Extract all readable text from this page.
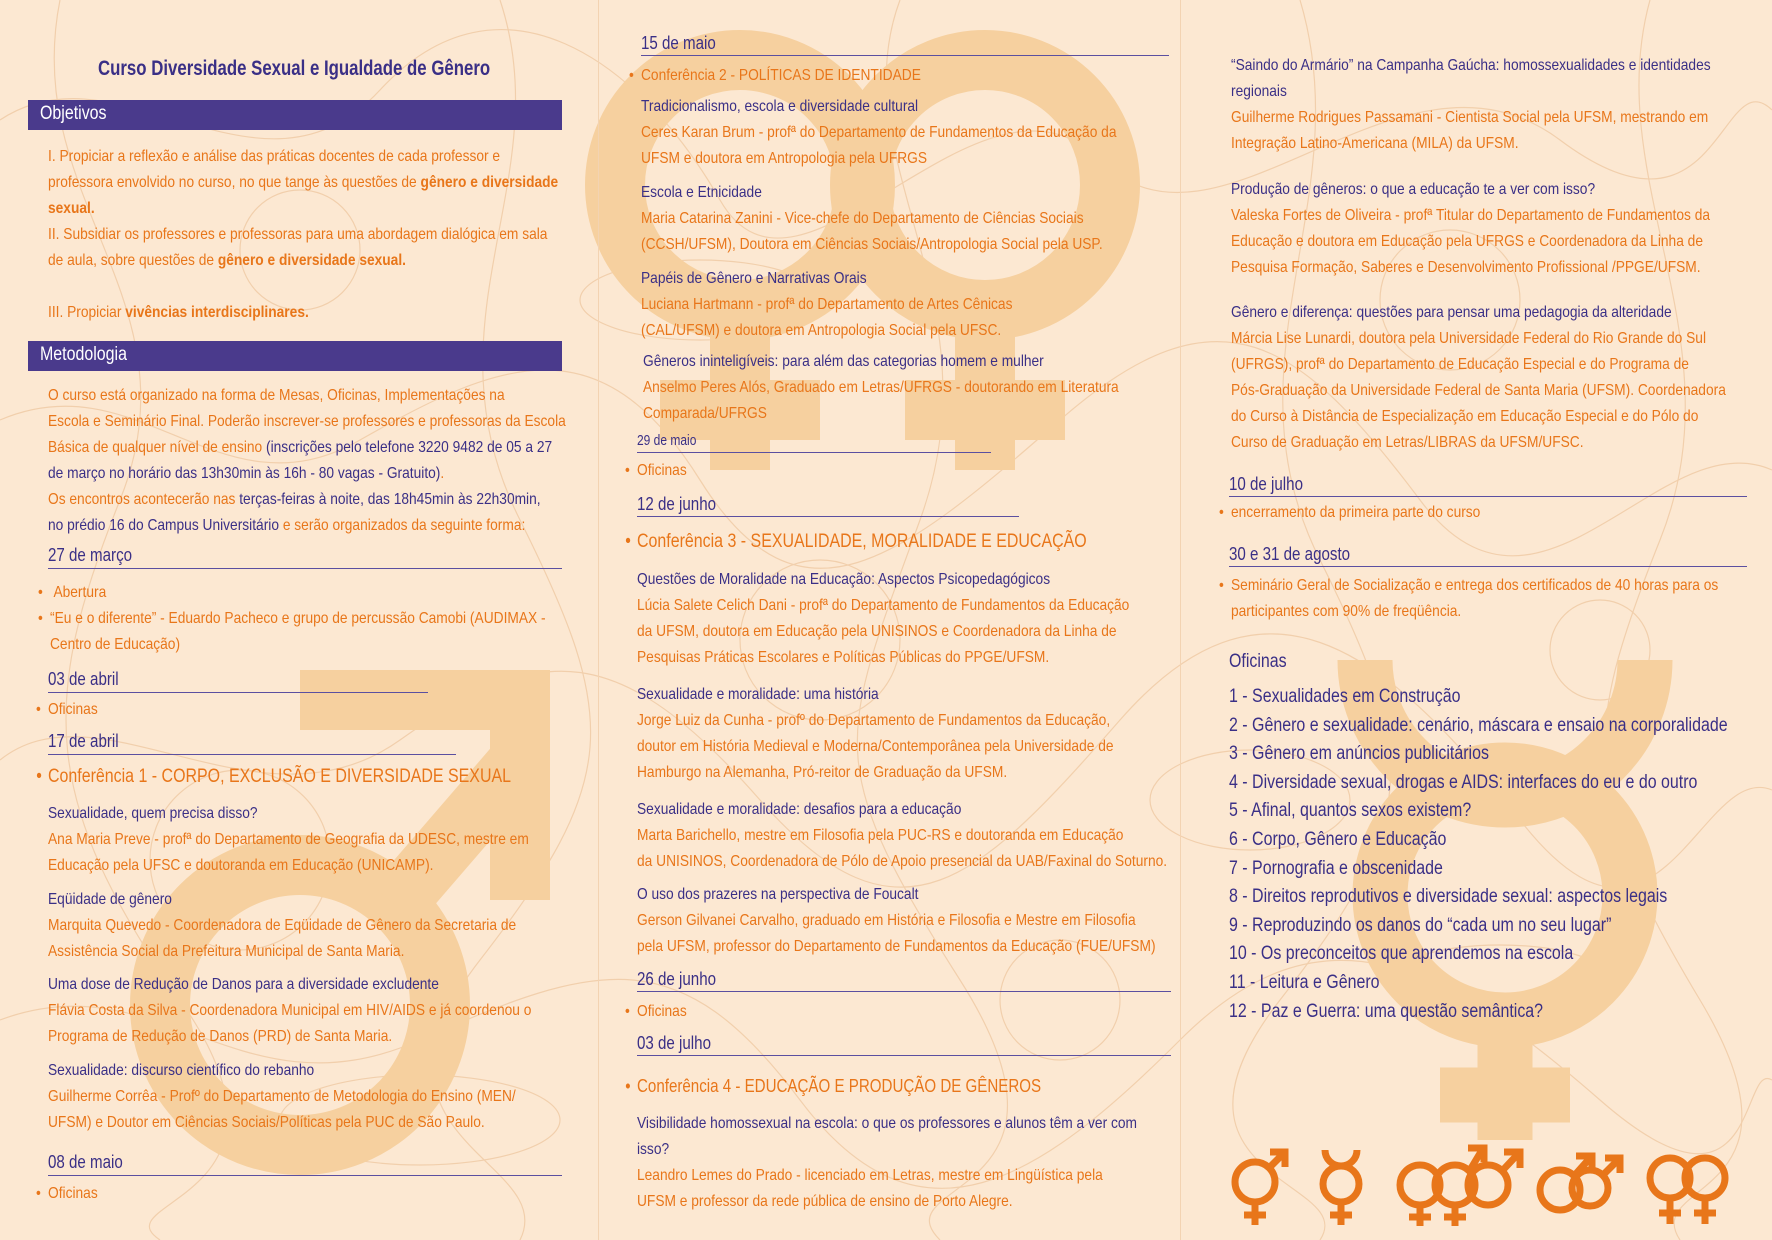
Curso Diversidade Sexual e Igualdade de Gênero
Objetivos
I. Propiciar a reflexão e análise das práticas docentes de cada professor e
professora envolvido no curso, no que tange às questões de gênero e diversidade
sexual.
II. Subsidiar os professores e professoras para uma abordagem dialógica em sala
de aula, sobre questões de gênero e diversidade sexual.
III. Propiciar vivências interdisciplinares.
Metodologia
O curso está organizado na forma de Mesas, Oficinas, Implementações na
Escola e Seminário Final. Poderão inscrever-se professores e professoras da Escola
Básica de qualquer nível de ensino (inscrições pelo telefone 3220 9482 de 05 a 27
de março no horário das 13h30min às 16h - 80 vagas - Gratuito).
Os encontros acontecerão nas terças-feiras à noite, das 18h45min às 22h30min,
no prédio 16 do Campus Universitário e serão organizados da seguinte forma:
27 de março
• Abertura
• “Eu e o diferente” - Eduardo Pacheco e grupo de percussão Camobi (AUDIMAX -
Centro de Educação)
03 de abril
• Oficinas
17 de abril
• Conferência 1 - CORPO, EXCLUSÃO E DIVERSIDADE SEXUAL
Sexualidade, quem precisa disso?
Ana Maria Preve - profª do Departamento de Geografia da UDESC, mestre em
Educação pela UFSC e doutoranda em Educação (UNICAMP).
Eqüidade de gênero
Marquita Quevedo - Coordenadora de Eqüidade de Gênero da Secretaria de
Assistência Social da Prefeitura Municipal de Santa Maria.
Uma dose de Redução de Danos para a diversidade excludente
Flávia Costa da Silva - Coordenadora Municipal em HIV/AIDS e já coordenou o
Programa de Redução de Danos (PRD) de Santa Maria.
Sexualidade: discurso científico do rebanho
Guilherme Corrêa - Profº do Departamento de Metodologia do Ensino (MEN/
UFSM) e Doutor em Ciências Sociais/Políticas pela PUC de São Paulo.
08 de maio
• Oficinas
15 de maio
• Conferência 2 - POLÍTICAS DE IDENTIDADE
Tradicionalismo, escola e diversidade cultural
Ceres Karan Brum - profª do Departamento de Fundamentos da Educação da
UFSM e doutora em Antropologia pela UFRGS
Escola e Etnicidade
Maria Catarina Zanini - Vice-chefe do Departamento de Ciências Sociais
(CCSH/UFSM), Doutora em Ciências Sociais/Antropologia Social pela USP.
Papéis de Gênero e Narrativas Orais
Luciana Hartmann - profª do Departamento de Artes Cênicas
(CAL/UFSM) e doutora em Antropologia Social pela UFSC.
Gêneros ininteligíveis: para além das categorias homem e mulher
Anselmo Peres Alós, Graduado em Letras/UFRGS - doutorando em Literatura
Comparada/UFRGS
29 de maio
• Oficinas
12 de junho
• Conferência 3 - SEXUALIDADE, MORALIDADE E EDUCAÇÃO
Questões de Moralidade na Educação: Aspectos Psicopedagógicos
Lúcia Salete Celich Dani - profª do Departamento de Fundamentos da Educação
da UFSM, doutora em Educação pela UNISINOS e Coordenadora da Linha de
Pesquisas Práticas Escolares e Políticas Públicas do PPGE/UFSM.
Sexualidade e moralidade: uma história
Jorge Luiz da Cunha - profº do Departamento de Fundamentos da Educação,
doutor em História Medieval e Moderna/Contemporânea pela Universidade de
Hamburgo na Alemanha, Pró-reitor de Graduação da UFSM.
Sexualidade e moralidade: desafios para a educação
Marta Barichello, mestre em Filosofia pela PUC-RS e doutoranda em Educação
da UNISINOS, Coordenadora de Pólo de Apoio presencial da UAB/Faxinal do Soturno.
O uso dos prazeres na perspectiva de Foucalt
Gerson Gilvanei Carvalho, graduado em História e Filosofia e Mestre em Filosofia
pela UFSM, professor do Departamento de Fundamentos da Educação (FUE/UFSM)
26 de junho
• Oficinas
03 de julho
• Conferência 4 - EDUCAÇÃO E PRODUÇÃO DE GÊNEROS
Visibilidade homossexual na escola: o que os professores e alunos têm a ver com
isso?
Leandro Lemes do Prado - licenciado em Letras, mestre em Lingüística pela
UFSM e professor da rede pública de ensino de Porto Alegre.
“Saindo do Armário” na Campanha Gaúcha: homossexualidades e identidades
regionais
Guilherme Rodrigues Passamani - Cientista Social pela UFSM, mestrando em
Integração Latino-Americana (MILA) da UFSM.
Produção de gêneros: o que a educação te a ver com isso?
Valeska Fortes de Oliveira - profª Titular do Departamento de Fundamentos da
Educação e doutora em Educação pela UFRGS e Coordenadora da Linha de
Pesquisa Formação, Saberes e Desenvolvimento Profissional /PPGE/UFSM.
Gênero e diferença: questões para pensar uma pedagogia da alteridade
Márcia Lise Lunardi, doutora pela Universidade Federal do Rio Grande do Sul
(UFRGS), profª do Departamento de Educação Especial e do Programa de
Pós-Graduação da Universidade Federal de Santa Maria (UFSM). Coordenadora
do Curso à Distância de Especialização em Educação Especial e do Pólo do
Curso de Graduação em Letras/LIBRAS da UFSM/UFSC.
10 de julho
• encerramento da primeira parte do curso
30 e 31 de agosto
• Seminário Geral de Socialização e entrega dos certificados de 40 horas para os
participantes com 90% de freqüência.
Oficinas
1 - Sexualidades em Construção
2 - Gênero e sexualidade: cenário, máscara e ensaio na corporalidade
3 - Gênero em anúncios publicitários
4 - Diversidade sexual, drogas e AIDS: interfaces do eu e do outro
5 - Afinal, quantos sexos existem?
6 - Corpo, Gênero e Educação
7 - Pornografia e obscenidade
8 - Direitos reprodutivos e diversidade sexual: aspectos legais
9 - Reproduzindo os danos do “cada um no seu lugar”
10 - Os preconceitos que aprendemos na escola
11 - Leitura e Gênero
12 - Paz e Guerra: uma questão semântica?
